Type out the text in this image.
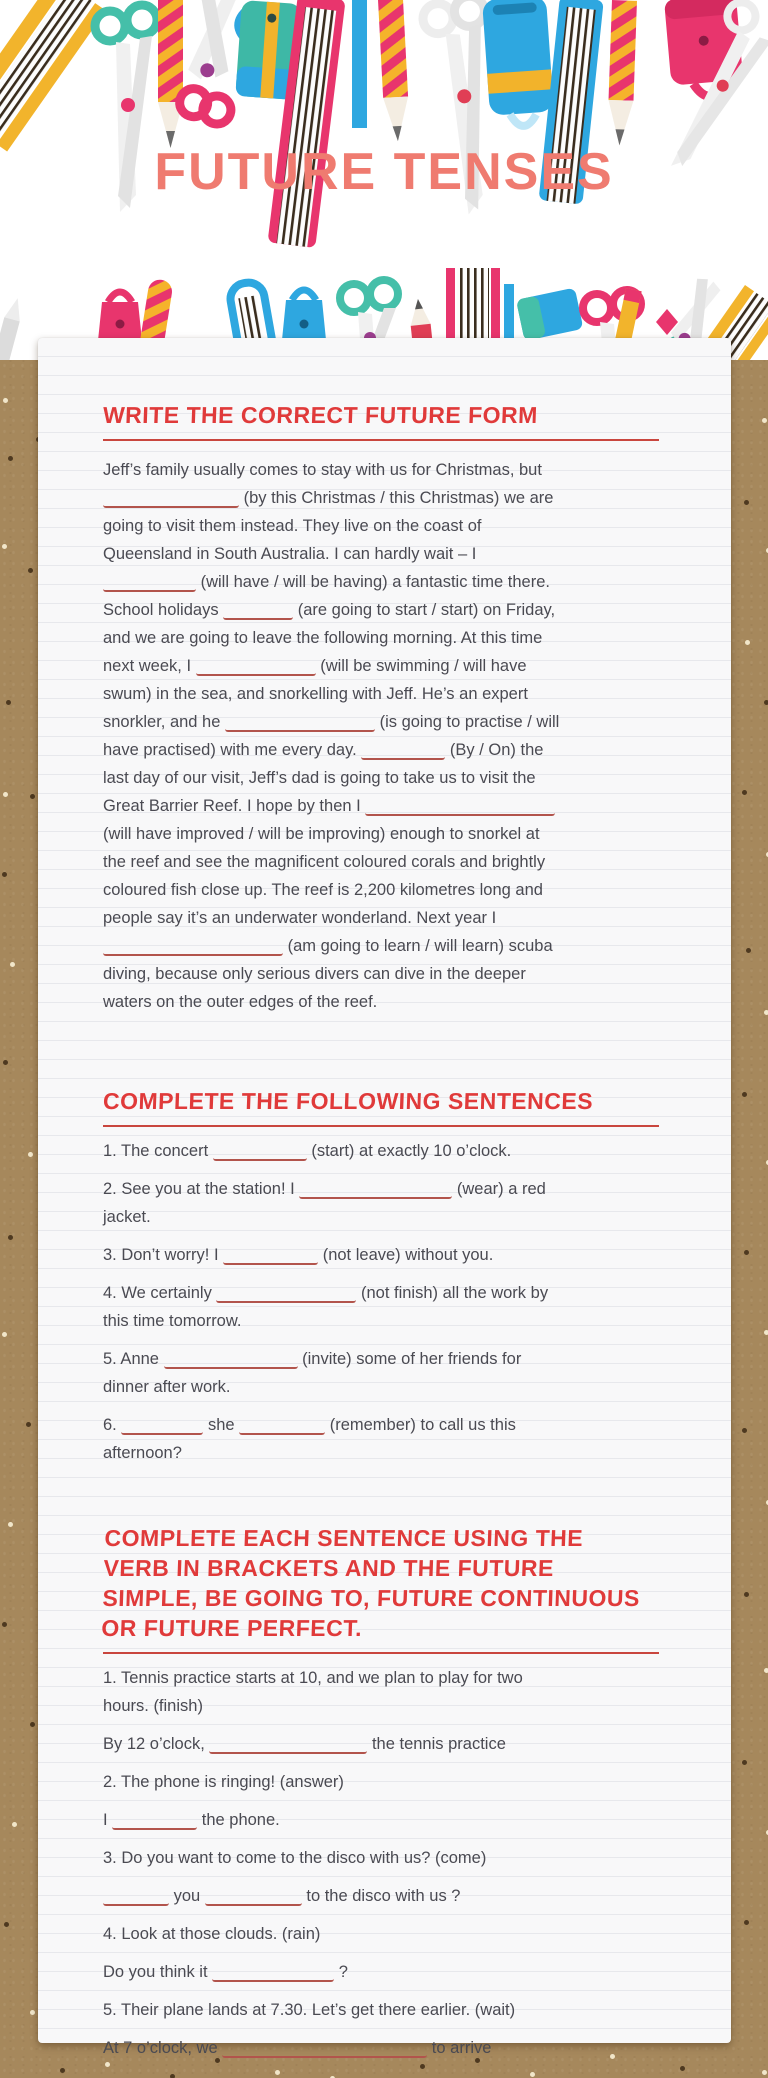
FUTURE TENSES
WRITE THE CORRECT FUTURE FORM

Jeff’s family usually comes to stay with us for Christmas, but  (by this Christmas / this Christmas) we are going to visit them instead. They live on the coast of Queensland in South Australia. I can hardly wait – I  (will have / will be having) a fantastic time there. School holidays	(are going to start / start) on Friday, and we are going to leave the following morning. At this time next week, I	(will be swimming / will have swum) in the sea, and snorkelling with Jeff. He’s an expert snorkler, and he	(is going to practise / will have practised) with me every day.	(By / On) the last day of our visit, Jeff’s dad is going to take us to visit the Great Barrier Reef. I hope by then I  (will have improved / will be improving) enough to snorkel at the reef and see the magnificent coloured corals and brightly coloured fish close up. The reef is 2,200 kilometres long and people say it’s an underwater wonderland. Next year I  (am going to learn / will learn) scuba diving, because only serious divers can dive in the deeper waters on the outer edges of the reef.

COMPLETE THE FOLLOWING SENTENCES

1. The concert	(start) at exactly 10 o’clock.

2. See you at the station! I	(wear) a red jacket.

3. Don’t worry! I	(not leave) without you.

4. We certainly	(not finish) all the work by this time tomorrow.

5. Anne	(invite) some of her friends for dinner after work.

6.	she	(remember) to call us this afternoon?

COMPLETE EACH SENTENCE USING THE VERB IN BRACKETS AND THE FUTURE SIMPLE, BE GOING TO, FUTURE CONTINUOUS OR FUTURE PERFECT.

1. Tennis practice starts at 10, and we plan to play for two hours. (finish)

By 12 o’clock,	the tennis practice

2. The phone is ringing! (answer)

I	the phone.

3. Do you want to come to the disco with us? (come)

you	to the disco with us ?

4. Look at those clouds. (rain)

Do you think it	?

5. Their plane lands at 7.30. Let’s get there earlier. (wait)

At 7 o’clock, we	to arrive
